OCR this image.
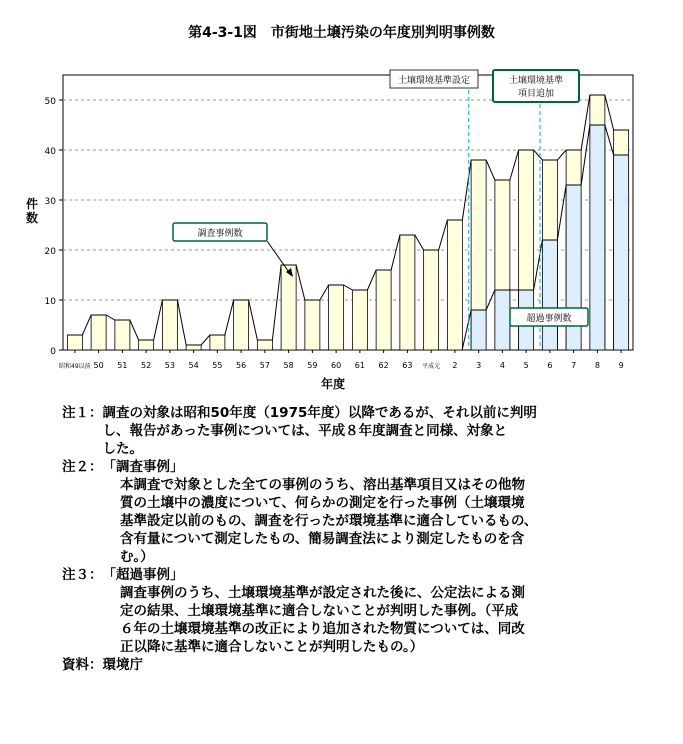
第4-3-1図　市街地土壌汚染の年度別判明事例数
0
10
20
30
40
50
昭和49以前 50 51 52 53 54 55 56 57 58 59 60 61 62 63 平成元 2 3 4 5 6 7 8 9
土壌環境基準設定	土壌環境基準
項目追加
調査事例数
超過事例数
件
数
年度
注１： 調査の対象は昭和50年度（1975年度）以降であるが、それ以前に判明
し、報告があった事例については、平成８年度調査と同様、対象と
した。
注２： 「調査事例」
本調査で対象とした全ての事例のうち、溶出基準項目又はその他物
質の土壌中の濃度について、何らかの測定を行った事例（土壌環境
基準設定以前のもの、調査を行ったが環境基準に適合しているもの、
含有量について測定したもの、簡易調査法により測定したものを含
む。）
注３： 「超過事例」
調査事例のうち、土壌環境基準が設定された後に、公定法による測
定の結果、土壌環境基準に適合しないことが判明した事例。（平成
６年の土壌環境基準の改正により追加された物質については、同改
正以降に基準に適合しないことが判明したもの。）
資料：環境庁
